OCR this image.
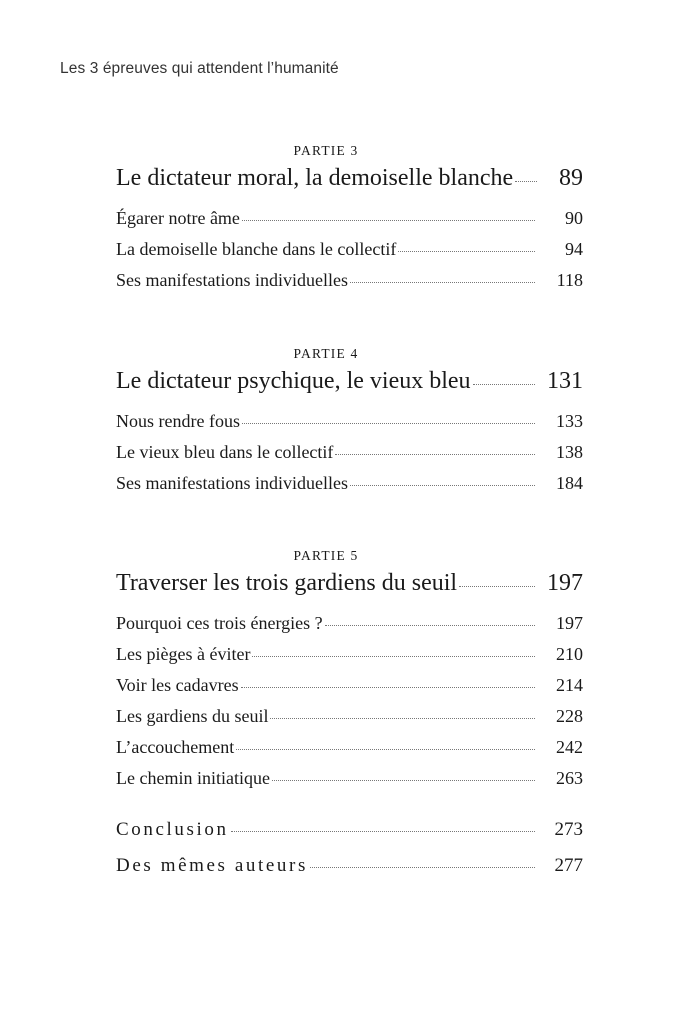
Les 3 épreuves qui attendent l’humanité
PARTIE 3
Le dictateur moral, la demoiselle blanche	89
Égarer notre âme	90
La demoiselle blanche dans le collectif	94
Ses manifestations individuelles	118
PARTIE 4
Le dictateur psychique, le vieux bleu	131
Nous rendre fous	133
Le vieux bleu dans le collectif	138
Ses manifestations individuelles	184
PARTIE 5
Traverser les trois gardiens du seuil	197
Pourquoi ces trois énergies ?	197
Les pièges à éviter	210
Voir les cadavres	214
Les gardiens du seuil	228
L’accouchement	242
Le chemin initiatique	263
Conclusion	273
Des mêmes auteurs	277
